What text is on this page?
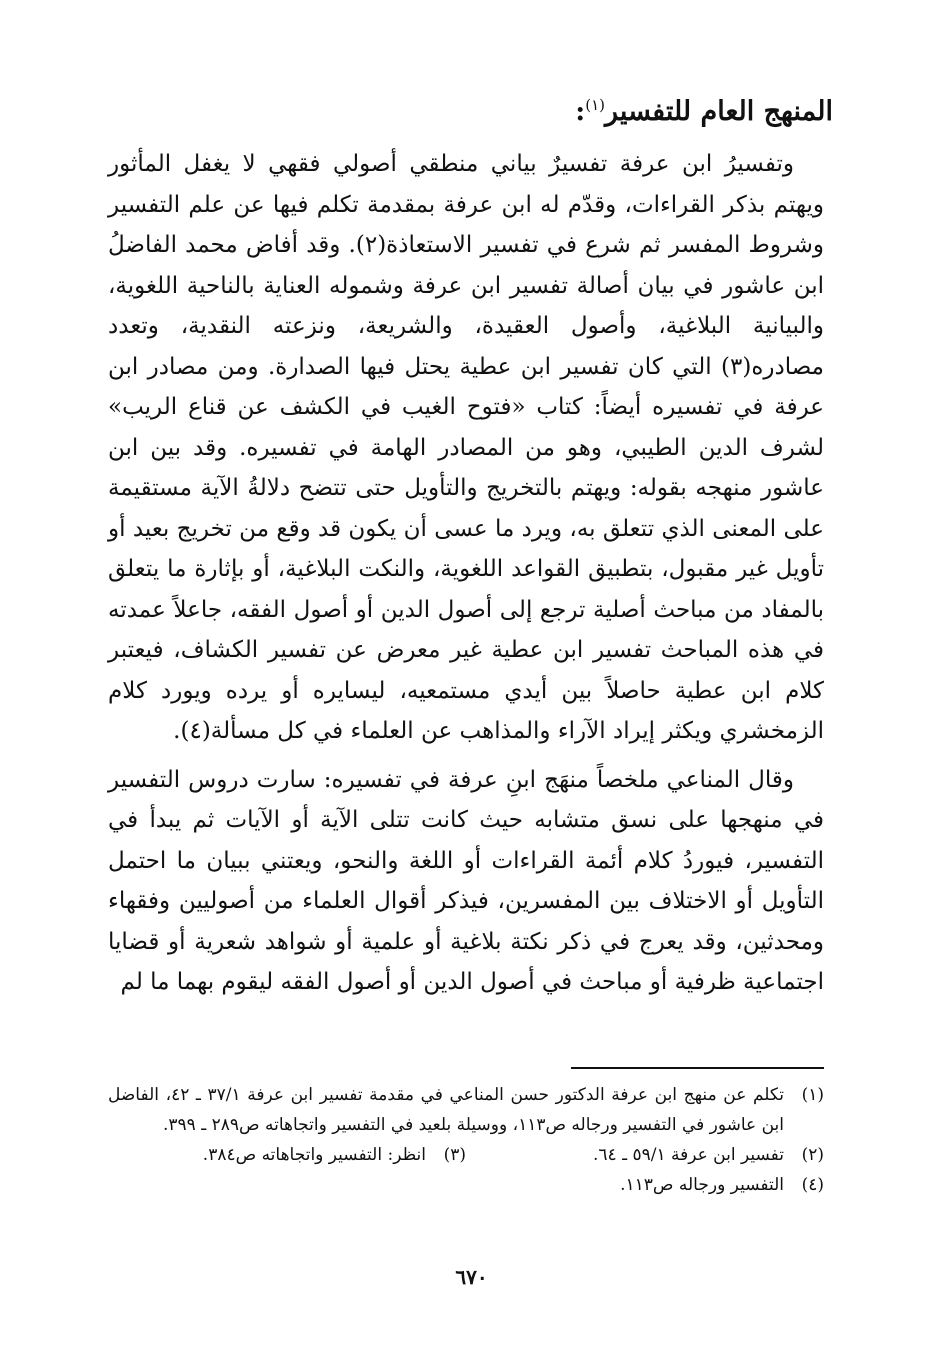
المنهج العام للتفسير$^{(١)}$:

وتفسيرُ ابن عرفة تفسيرٌ بياني منطقي أصولي فقهي لا يغفل المأثور ويهتم بذكر القراءات، وقدّم له ابن عرفة بمقدمة تكلم فيها عن علم التفسير وشروط المفسر ثم شرع في تفسير الاستعاذة(٢). وقد أفاض محمد الفاضلُ ابن عاشور في بيان أصالة تفسير ابن عرفة وشموله العناية بالناحية اللغوية، والبيانية البلاغية، وأصول العقيدة، والشريعة، ونزعته النقدية، وتعدد مصادره(٣) التي كان تفسير ابن عطية يحتل فيها الصدارة. ومن مصادر ابن عرفة في تفسيره أيضاً: كتاب «فتوح الغيب في الكشف عن قناع الريب» لشرف الدين الطيبي، وهو من المصادر الهامة في تفسيره. وقد بين ابن عاشور منهجه بقوله: ويهتم بالتخريج والتأويل حتى تتضح دلالةُ الآية مستقيمة على المعنى الذي تتعلق به، ويرد ما عسى أن يكون قد وقع من تخريج بعيد أو تأويل غير مقبول، بتطبيق القواعد اللغوية، والنكت البلاغية، أو بإثارة ما يتعلق بالمفاد من مباحث أصلية ترجع إلى أصول الدين أو أصول الفقه، جاعلاً عمدته في هذه المباحث تفسير ابن عطية غير معرض عن تفسير الكشاف، فيعتبر كلام ابن عطية حاصلاً بين أيدي مستمعيه، ليسايره أو يرده ويورد كلام الزمخشري ويكثر إيراد الآراء والمذاهب عن العلماء في كل مسألة(٤).

وقال المناعي ملخصاً منهَج ابنِ عرفة في تفسيره: سارت دروس التفسير في منهجها على نسق متشابه حيث كانت تتلى الآية أو الآيات ثم يبدأ في التفسير، فيوردُ كلام أئمة القراءات أو اللغة والنحو، ويعتني ببيان ما احتمل التأويل أو الاختلاف بين المفسرين، فيذكر أقوال العلماء من أصوليين وفقهاء ومحدثين، وقد يعرج في ذكر نكتة بلاغية أو علمية أو شواهد شعرية أو قضايا اجتماعية ظرفية أو مباحث في أصول الدين أو أصول الفقه ليقوم بهما ما لم

(١)
تكلم عن منهج ابن عرفة الدكتور حسن المناعي في مقدمة تفسير ابن عرفة ٣٧/١ ـ ٤٢، الفاضل ابن عاشور في التفسير ورجاله ص١١٣، ووسيلة بلعيد في التفسير واتجاهاته ص٢٨٩ ـ ٣٩٩.
(٢)
تفسير ابن عرفة ٥٩/١ ـ ٦٤.
(٣)
انظر: التفسير واتجاهاته ص٣٨٤.
(٤)
التفسير ورجاله ص١١٣.
٦٧٠
